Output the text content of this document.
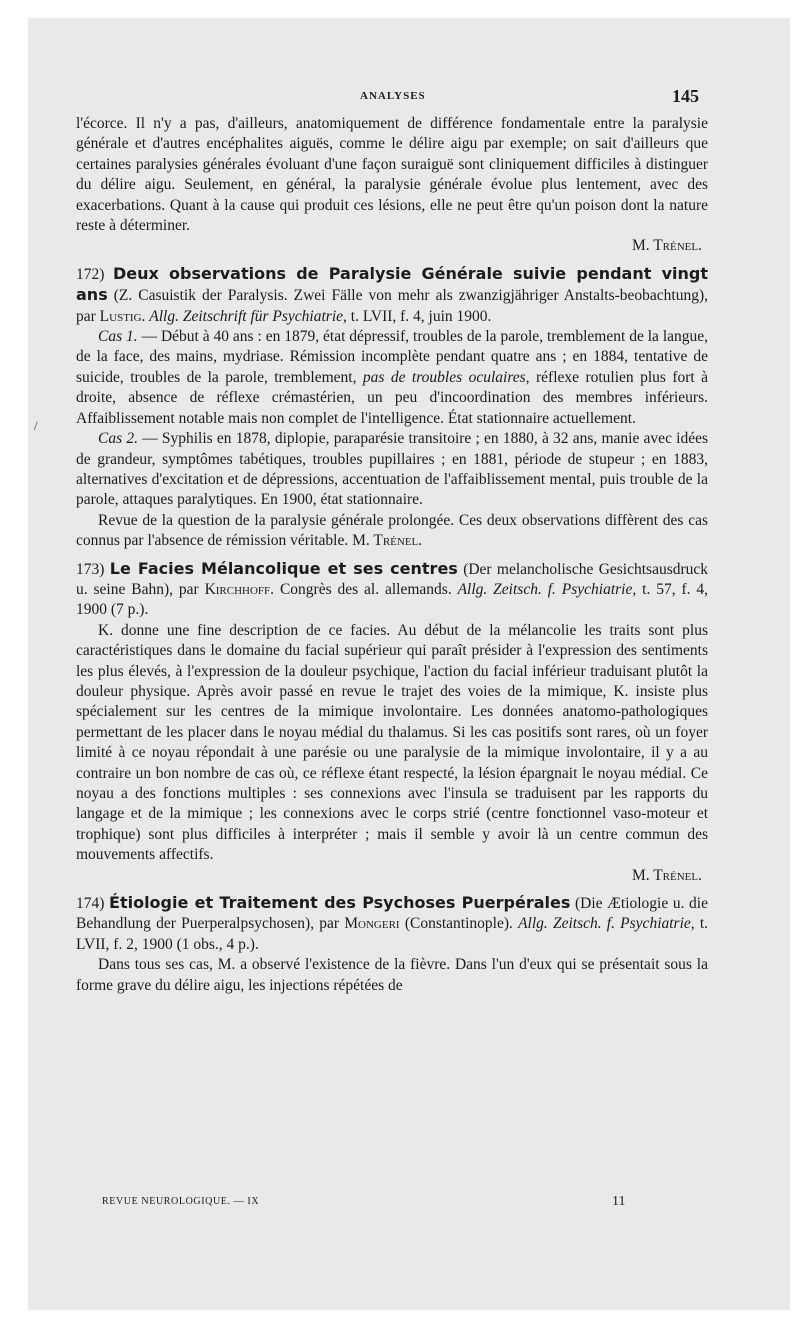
ANALYSES	145
/

l'écorce. Il n'y a pas, d'ailleurs, anatomiquement de différence fondamentale entre la paralysie générale et d'autres encéphalites aiguës, comme le délire aigu par exemple; on sait d'ailleurs que certaines paralysies générales évoluant d'une façon suraiguë sont cliniquement difficiles à distinguer du délire aigu. Seulement, en général, la paralysie générale évolue plus lentement, avec des exacerbations. Quant à la cause qui produit ces lésions, elle ne peut être qu'un poison dont la nature reste à déterminer.

M. Trénel.

172) Deux observations de Paralysie Générale suivie pendant vingt ans (Z. Casuistik der Paralysis. Zwei Fälle von mehr als zwanzigjähriger Anstalts-beobachtung), par Lustig. Allg. Zeitschrift für Psychiatrie, t. LVII, f. 4, juin 1900.

Cas 1. — Début à 40 ans : en 1879, état dépressif, troubles de la parole, tremblement de la langue, de la face, des mains, mydriase. Rémission incomplète pendant quatre ans ; en 1884, tentative de suicide, troubles de la parole, tremblement, pas de troubles oculaires, réflexe rotulien plus fort à droite, absence de réflexe crémastérien, un peu d'incoordination des membres inférieurs. Affaiblissement notable mais non complet de l'intelligence. État stationnaire actuellement.

Cas 2. — Syphilis en 1878, diplopie, paraparésie transitoire ; en 1880, à 32 ans, manie avec idées de grandeur, symptômes tabétiques, troubles pupillaires ; en 1881, période de stupeur ; en 1883, alternatives d'excitation et de dépressions, accentuation de l'affaiblissement mental, puis trouble de la parole, attaques paralytiques. En 1900, état stationnaire.

Revue de la question de la paralysie générale prolongée. Ces deux observations diffèrent des cas connus par l'absence de rémission véritable. M. Trénel.

173) Le Facies Mélancolique et ses centres (Der melancholische Gesichtsausdruck u. seine Bahn), par Kirchhoff. Congrès des al. allemands. Allg. Zeitsch. f. Psychiatrie, t. 57, f. 4, 1900 (7 p.).

K. donne une fine description de ce facies. Au début de la mélancolie les traits sont plus caractéristiques dans le domaine du facial supérieur qui paraît présider à l'expression des sentiments les plus élevés, à l'expression de la douleur psychique, l'action du facial inférieur traduisant plutôt la douleur physique. Après avoir passé en revue le trajet des voies de la mimique, K. insiste plus spécialement sur les centres de la mimique involontaire. Les données anatomo-pathologiques permettant de les placer dans le noyau médial du thalamus. Si les cas positifs sont rares, où un foyer limité à ce noyau répondait à une parésie ou une paralysie de la mimique involontaire, il y a au contraire un bon nombre de cas où, ce réflexe étant respecté, la lésion épargnait le noyau médial. Ce noyau a des fonctions multiples : ses connexions avec l'insula se traduisent par les rapports du langage et de la mimique ; les connexions avec le corps strié (centre fonctionnel vaso-moteur et trophique) sont plus difficiles à interpréter ; mais il semble y avoir là un centre commun des mouvements affectifs.

M. Trénel.

174) Étiologie et Traitement des Psychoses Puerpérales (Die Ætiologie u. die Behandlung der Puerperalpsychosen), par Mongeri (Constantinople). Allg. Zeitsch. f. Psychiatrie, t. LVII, f. 2, 1900 (1 obs., 4 p.).

Dans tous ses cas, M. a observé l'existence de la fièvre. Dans l'un d'eux qui se présentait sous la forme grave du délire aigu, les injections répétées de

REVUE NEUROLOGIQUE. — IX	11
